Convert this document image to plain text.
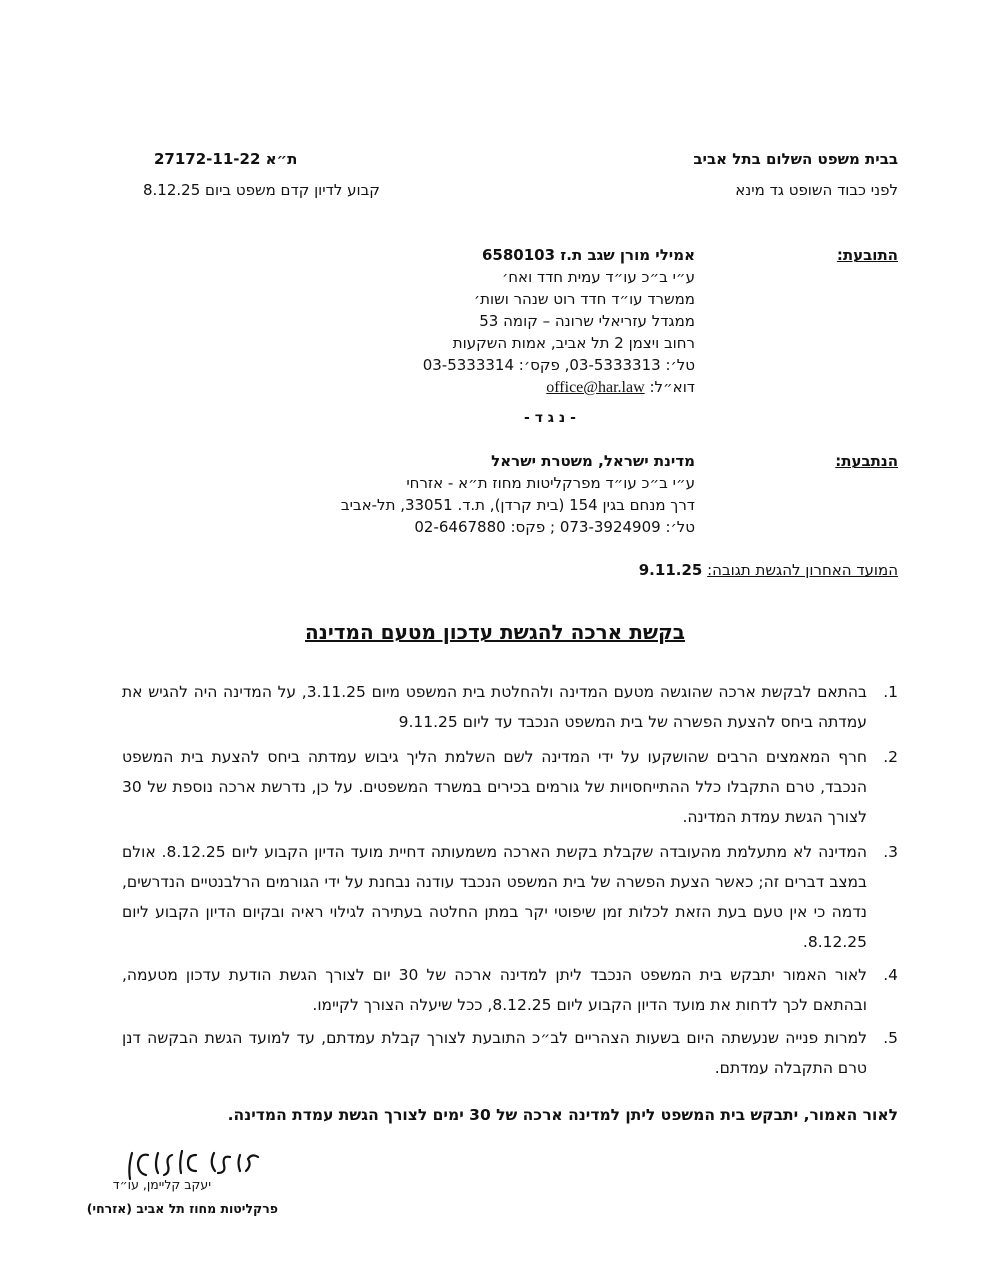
בבית משפט השלום בתל אביב
ת״א 27172-11-22
לפני כבוד השופט גד מינא
קבוע לדיון קדם משפט ביום 8.12.25
התובעת:
אמילי מורן שגב ת.ז 6580103
ע״י ב״כ עו״ד עמית חדד ואח׳
ממשרד עו״ד חדד רוט שנהר ושות׳
ממגדל עזריאלי שרונה – קומה 53
רחוב ויצמן 2 תל אביב, אמות השקעות
טל׳: 03-5333313, פקס׳: 03-5333314
דוא״ל: office@har.law
- נ ג ד -
הנתבעת:
מדינת ישראל, משטרת ישראל
ע״י ב״כ עו״ד מפרקליטות מחוז ת״א - אזרחי
דרך מנחם בגין 154 (בית קרדן), ת.ד. 33051, תל-אביב
טל׳: 073-3924909 ; פקס: 02-6467880
המועד האחרון להגשת תגובה: 9.11.25
בקשת ארכה להגשת עדכון מטעם המדינה
1.
בהתאם לבקשת ארכה שהוגשה מטעם המדינה ולהחלטת בית המשפט מיום 3.11.25, על המדינה היה להגיש את עמדתה ביחס להצעת הפשרה של בית המשפט הנכבד עד ליום 9.11.25
2.
חרף המאמצים הרבים שהושקעו על ידי המדינה לשם השלמת הליך גיבוש עמדתה ביחס להצעת בית המשפט הנכבד, טרם התקבלו כלל ההתייחסויות של גורמים בכירים במשרד המשפטים. על כן, נדרשת ארכה נוספת של 30 לצורך הגשת עמדת המדינה.
3.
המדינה לא מתעלמת מהעובדה שקבלת בקשת הארכה משמעותה דחיית מועד הדיון הקבוע ליום 8.12.25. אולם במצב דברים זה; כאשר הצעת הפשרה של בית המשפט הנכבד עודנה נבחנת על ידי הגורמים הרלבנטיים הנדרשים, נדמה כי אין טעם בעת הזאת לכלות זמן שיפוטי יקר במתן החלטה בעתירה לגילוי ראיה ובקיום הדיון הקבוע ליום 8.12.25.
4.
לאור האמור יתבקש בית המשפט הנכבד ליתן למדינה ארכה של 30 יום לצורך הגשת הודעת עדכון מטעמה, ובהתאם לכך לדחות את מועד הדיון הקבוע ליום 8.12.25, ככל שיעלה הצורך לקיימו.
5.
למרות פנייה שנעשתה היום בשעות הצהריים לב״כ התובעת לצורך קבלת עמדתם, עד למועד הגשת הבקשה דנן טרם התקבלה עמדתם.
לאור האמור, יתבקש בית המשפט ליתן למדינה ארכה של 30 ימים לצורך הגשת עמדת המדינה.
יעקב קליימן, עו״ד
פרקליטות מחוז תל אביב (אזרחי)
